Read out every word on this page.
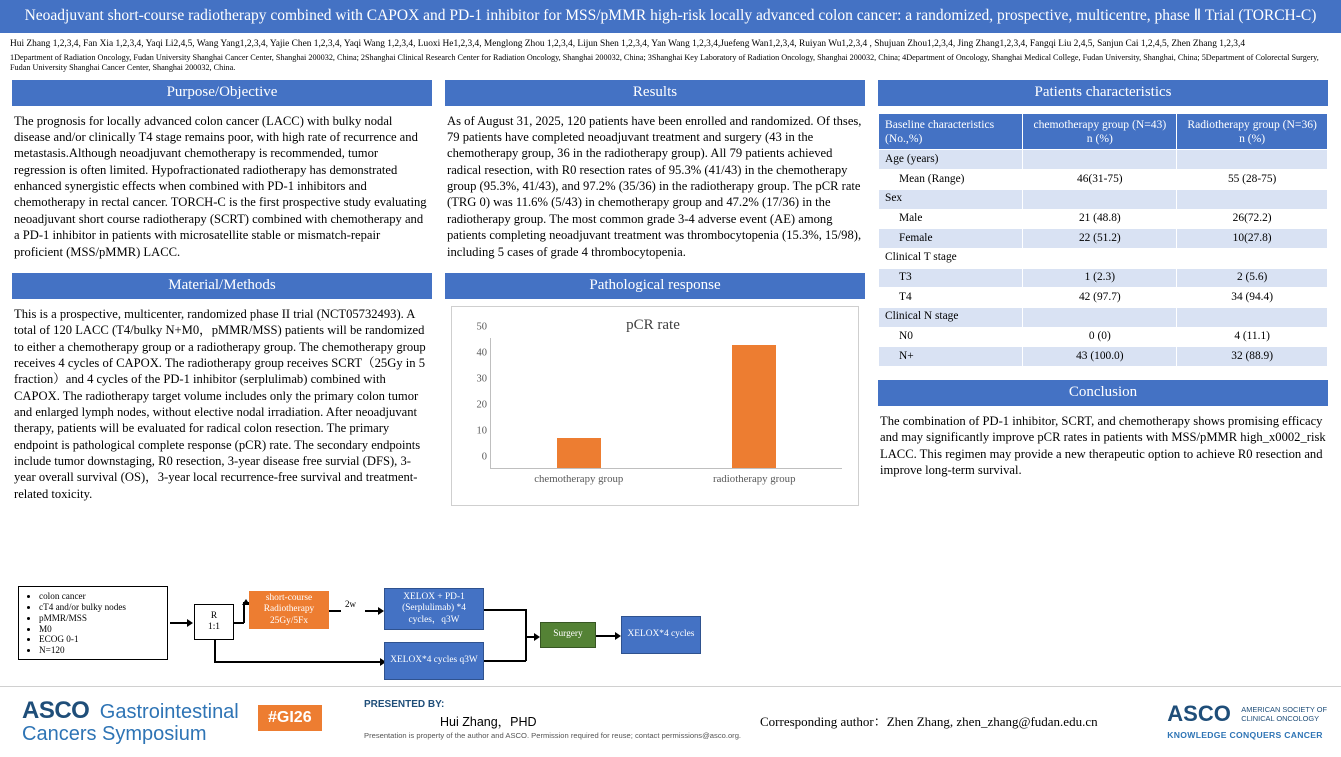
Neoadjuvant short-course radiotherapy combined with CAPOX and PD-1 inhibitor for MSS/pMMR high-risk locally advanced colon cancer: a randomized, prospective, multicentre, phase Ⅱ Trial (TORCH-C)
Hui Zhang 1,2,3,4, Fan Xia 1,2,3,4, Yaqi Li2,4,5, Wang Yang1,2,3,4, Yajie Chen 1,2,3,4, Yaqi Wang 1,2,3,4, Luoxi He1,2,3,4, Menglong Zhou 1,2,3,4, Lijun Shen 1,2,3,4, Yan Wang 1,2,3,4,Juefeng Wan1,2,3,4, Ruiyan Wu1,2,3,4 , Shujuan Zhou1,2,3,4, Jing Zhang1,2,3,4, Fangqi Liu 2,4,5, Sanjun Cai 1,2,4,5, Zhen Zhang 1,2,3,4
1Department of Radiation Oncology, Fudan University Shanghai Cancer Center, Shanghai 200032, China; 2Shanghai Clinical Research Center for Radiation Oncology, Shanghai 200032, China; 3Shanghai Key Laboratory of Radiation Oncology, Shanghai 200032, China; 4Department of Oncology, Shanghai Medical College, Fudan University, Shanghai, China; 5Department of Colorectal Surgery, Fudan University Shanghai Cancer Center, Shanghai 200032, China.
Purpose/Objective
The prognosis for locally advanced colon cancer (LACC) with bulky nodal disease and/or clinically T4 stage remains poor, with high rate of recurrence and metastasis.Although neoadjuvant chemotherapy is recommended, tumor regression is often limited. Hypofractionated radiotherapy has demonstrated enhanced synergistic effects when combined with PD-1 inhibitors and chemotherapy in rectal cancer. TORCH-C is the first prospective study evaluating neoadjuvant short course radiotherapy (SCRT) combined with chemotherapy and a PD-1 inhibitor in patients with microsatellite stable or mismatch-repair proficient (MSS/pMMR) LACC.
Material/Methods
This is a prospective, multicenter, randomized phase II trial (NCT05732493). A total of 120 LACC (T4/bulky N+M0，pMMR/MSS) patients will be randomized to either a chemotherapy group or a radiotherapy group. The chemotherapy group receives 4 cycles of CAPOX. The radiotherapy group receives SCRT（25Gy in 5 fraction）and 4 cycles of the PD-1 inhibitor (serplulimab) combined with CAPOX. The radiotherapy target volume includes only the primary colon tumor and enlarged lymph nodes, without elective nodal irradiation. After neoadjuvant therapy, patients will be evaluated for radical colon resection. The primary endpoint is pathological complete response (pCR) rate. The secondary endpoints include tumor downstaging, R0 resection, 3-year disease free survial (DFS), 3-year overall survival (OS)，3-year local recurrence-free survival and treatment-related toxicity.
Results
As of August 31, 2025, 120 patients have been enrolled and randomized. Of thses, 79 patients have completed neoadjuvant treatment and surgery (43 in the chemotherapy group, 36 in the radiotherapy group). All 79 patients achieved radical resection, with R0 resection rates of 95.3% (41/43) in the chemotherapy group (95.3%, 41/43), and 97.2% (35/36) in the radiotherapy group. The pCR rate (TRG 0) was 11.6% (5/43) in chemotherapy group and 47.2% (17/36) in the radiotherapy group. The most common grade 3-4 adverse event (AE) among patients completing neoadjuvant treatment was thrombocytopenia (15.3%, 15/98), including 5 cases of grade 4 thrombocytopenia.
Pathological response
pCR rate
0
10
20
30
40
50
chemotherapy group	radiotherapy group
Patients characteristics
Baseline characteristics (No.,%)	chemotherapy group (N=43) n (%)	Radiotherapy group (N=36) n (%)
Age (years)		
Mean (Range)	46(31-75)	55 (28-75)
Sex		
Male	21 (48.8)	26(72.2)
Female	22 (51.2)	10(27.8)
Clinical T stage		
T3	1 (2.3)	2 (5.6)
T4	42 (97.7)	34 (94.4)
Clinical N stage		
N0	0 (0)	4 (11.1)
N+	43 (100.0)	32 (88.9)
Conclusion
The combination of PD-1 inhibitor, SCRT, and chemotherapy shows promising efficacy and may significantly improve pCR rates in patients with MSS/pMMR high_x0002_risk LACC. This regimen may provide a new therapeutic option to achieve R0 resection and improve long-term survival.
• colon cancer
• cT4 and/or bulky nodes
• pMMR/MSS
• M0
• ECOG 0-1
• N=120
R
1:1
short-course Radiotherapy 25Gy/5Fx
2w
XELOX + PD-1 (Serplulimab) *4 cycles，q3W
XELOX*4 cycles q3W
Surgery	XELOX*4 cycles
ASCO Gastrointestinal
Cancers Symposium
#GI26
PRESENTED BY:
Hui Zhang，PHD
Presentation is property of the author and ASCO. Permission required for reuse; contact permissions@asco.org.
Corresponding author：Zhen Zhang, zhen_zhang@fudan.edu.cn	ASCO AMERICAN SOCIETY OF
CLINICAL ONCOLOGY
KNOWLEDGE CONQUERS CANCER
